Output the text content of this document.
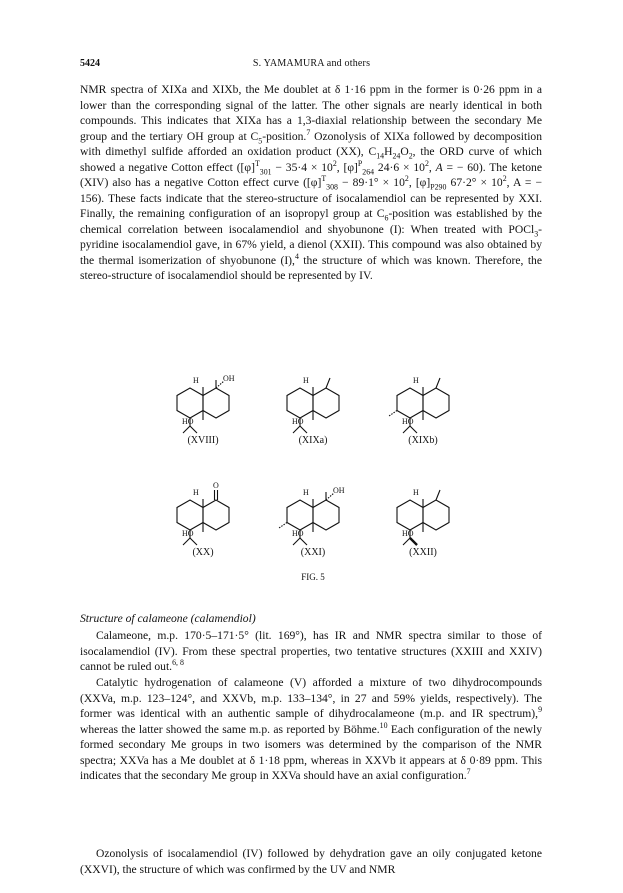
5424	S. YAMAMURA and others

NMR spectra of XIXa and XIXb, the Me doublet at δ 1·16 ppm in the former is 0·26 ppm in a lower than the corresponding signal of the latter. The other signals are nearly identical in both compounds. This indicates that XIXa has a 1,3-diaxial relationship between the secondary Me group and the tertiary OH group at $C_5-position.^7$ Ozonolysis of XIXa followed by decomposition with dimethyl sulfide afforded an oxidation product (XX), $C_{14}H_{24}O_2$, the ORD curve of which showed a negative Cotton effect ($[\varphi]^T_{301} - 35\cdot 4 \times 10^2$, $[\varphi]^P_{264}$ $24\cdot 6 \times 10^2$, A = − 60). The ketone (XIV) also has a negative Cotton effect curve ($[\varphi]^T_{308} - 89\cdot 1^\circ \times 10^2$, $[\varphi]_{P290}$ $67\cdot 2^\circ \times 10^2$, A = − 156). These facts indicate that the stereo-structure of isocalamendiol can be represented by XXI. Finally, the remaining configuration of an isopropyl group at $C_6$-position was established by the chemical correlation between isocalamendiol and shyobunone (I): When treated with POCl$_3$- pyridine isocalamendiol gave, in 67% yield, a dienol (XXII). This compound was also obtained by the thermal isomerization of shyobunone (I),$^4$ the structure of which was known. Therefore, the stereo-structure of isocalamendiol should be represented by IV.

H	OH
HO
H
HO
H
HO
H
O
HO
H	OH
HO
H
HO
(XVIII)	(XIXa)	(XIXb)
(XX)	(XXI)	(XXII)
FIG. 5
Structure of calameone (calamendiol)

Calameone, m.p. 170·5–171·5° (lit. 169°), has IR and NMR spectra similar to those of isocalamendiol (IV). From these spectral properties, two tentative structures (XXIII and XXIV) cannot be ruled out.$^{6, 8}$

Catalytic hydrogenation of calameone (V) afforded a mixture of two dihydrocompounds (XXVa, m.p. 123–124°, and XXVb, m.p. 133–134°, in 27 and 59% yields, respectively). The former was identical with an authentic sample of dihydrocalameone (m.p. and IR spectrum),$^9$ whereas the latter showed the same m.p. as reported by Böhme.$^{10}$ Each configuration of the newly formed secondary Me groups in two isomers was determined by the comparison of the NMR spectra; XXVa has a Me doublet at δ 1·18 ppm, whereas in XXVb it appears at δ 0·89 ppm. This indicates that the secondary Me group in XXVa should have an axial configuration.$^7$

Ozonolysis of isocalamendiol (IV) followed by dehydration gave an oily conjugated ketone (XXVI), the structure of which was confirmed by the UV and NMR
